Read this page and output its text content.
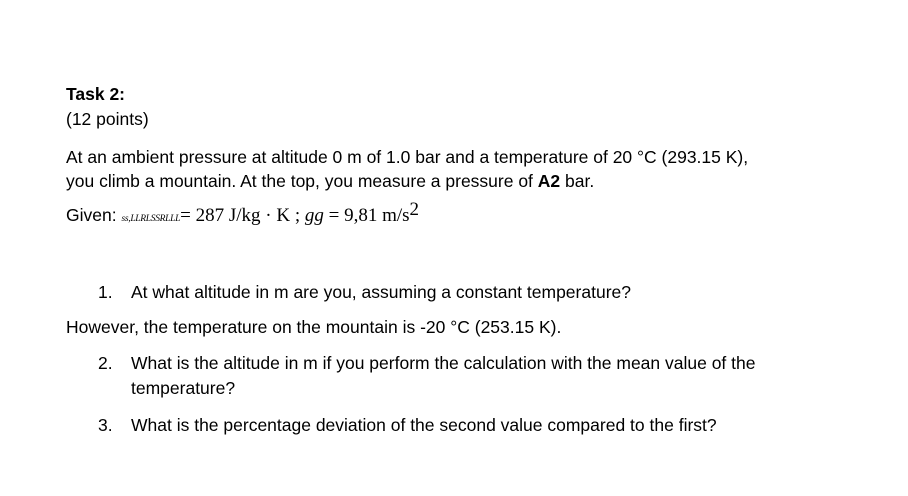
Task 2:
(12 points)
At an ambient pressure at altitude 0 m of 1.0 bar and a temperature of 20 °C (293.15 K),
you climb a mountain. At the top, you measure a pressure of A2 bar.
Given: ss,LLRLSSRLLL= 287 J/kg · K ; gg = 9,81 $m/s^2$
1. At what altitude in m are you, assuming a constant temperature?
However, the temperature on the mountain is -20 °C (253.15 K).
2. What is the altitude in m if you perform the calculation with the mean value of the
temperature?
3. What is the percentage deviation of the second value compared to the first?
